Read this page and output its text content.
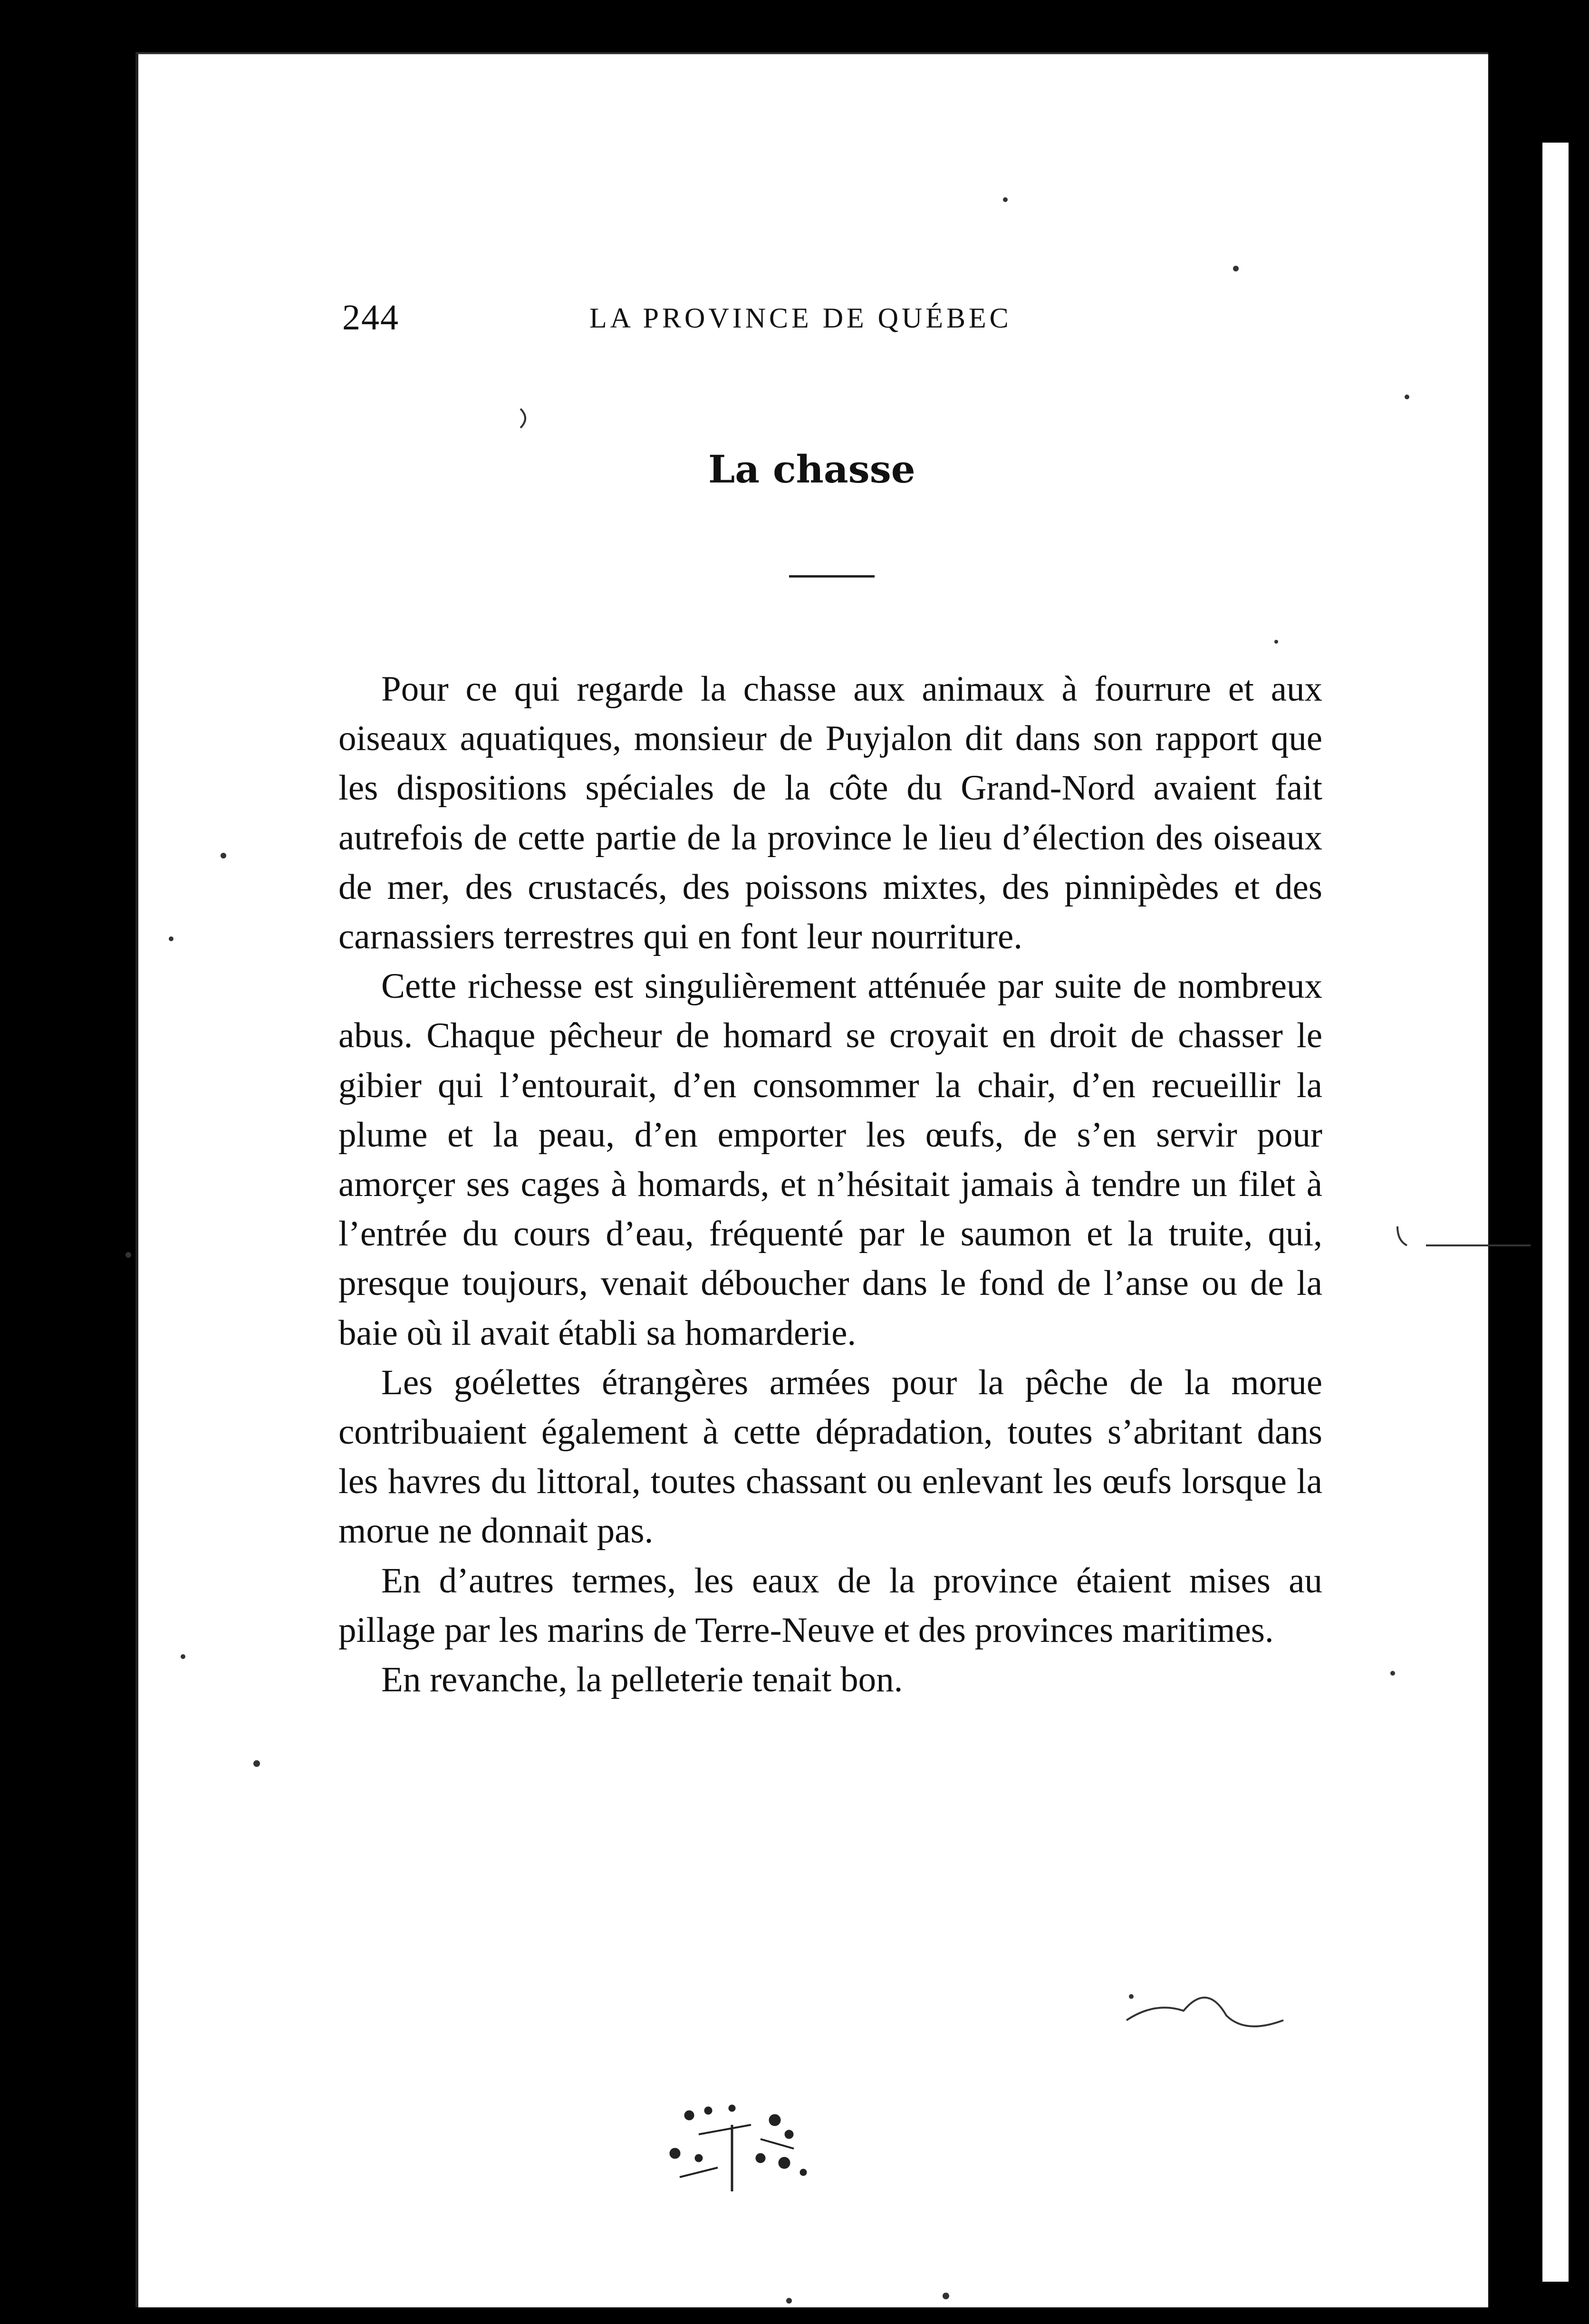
244	LA PROVINCE DE QUÉBEC
La chasse

Pour ce qui regarde la chasse aux animaux à fourrure et aux oiseaux aquatiques, monsieur de Puyjalon dit dans son rapport que les dispositions spéciales de la côte du Grand-Nord avaient fait autrefois de cette partie de la province le lieu d’élection des oiseaux de mer, des crustacés, des poissons mixtes, des pinnipèdes et des carnassiers terrestres qui en font leur nourriture.

Cette richesse est singulièrement atténuée par suite de nombreux abus. Chaque pêcheur de homard se croyait en droit de chasser le gibier qui l’entourait, d’en consommer la chair, d’en recueillir la plume et la peau, d’en emporter les œufs, de s’en servir pour amorçer ses cages à homards, et n’hésitait jamais à tendre un filet à l’entrée du cours d’eau, fréquenté par le saumon et la truite, qui, presque toujours, venait déboucher dans le fond de l’anse ou de la baie où il avait établi sa homarderie.

Les goélettes étrangères armées pour la pêche de la morue contribuaient également à cette dépradation, toutes s’abritant dans les havres du littoral, toutes chassant ou enlevant les œufs lorsque la morue ne donnait pas.

En d’autres termes, les eaux de la province étaient mises au pillage par les marins de Terre-Neuve et des provinces maritimes.

En revanche, la pelleterie tenait bon.
